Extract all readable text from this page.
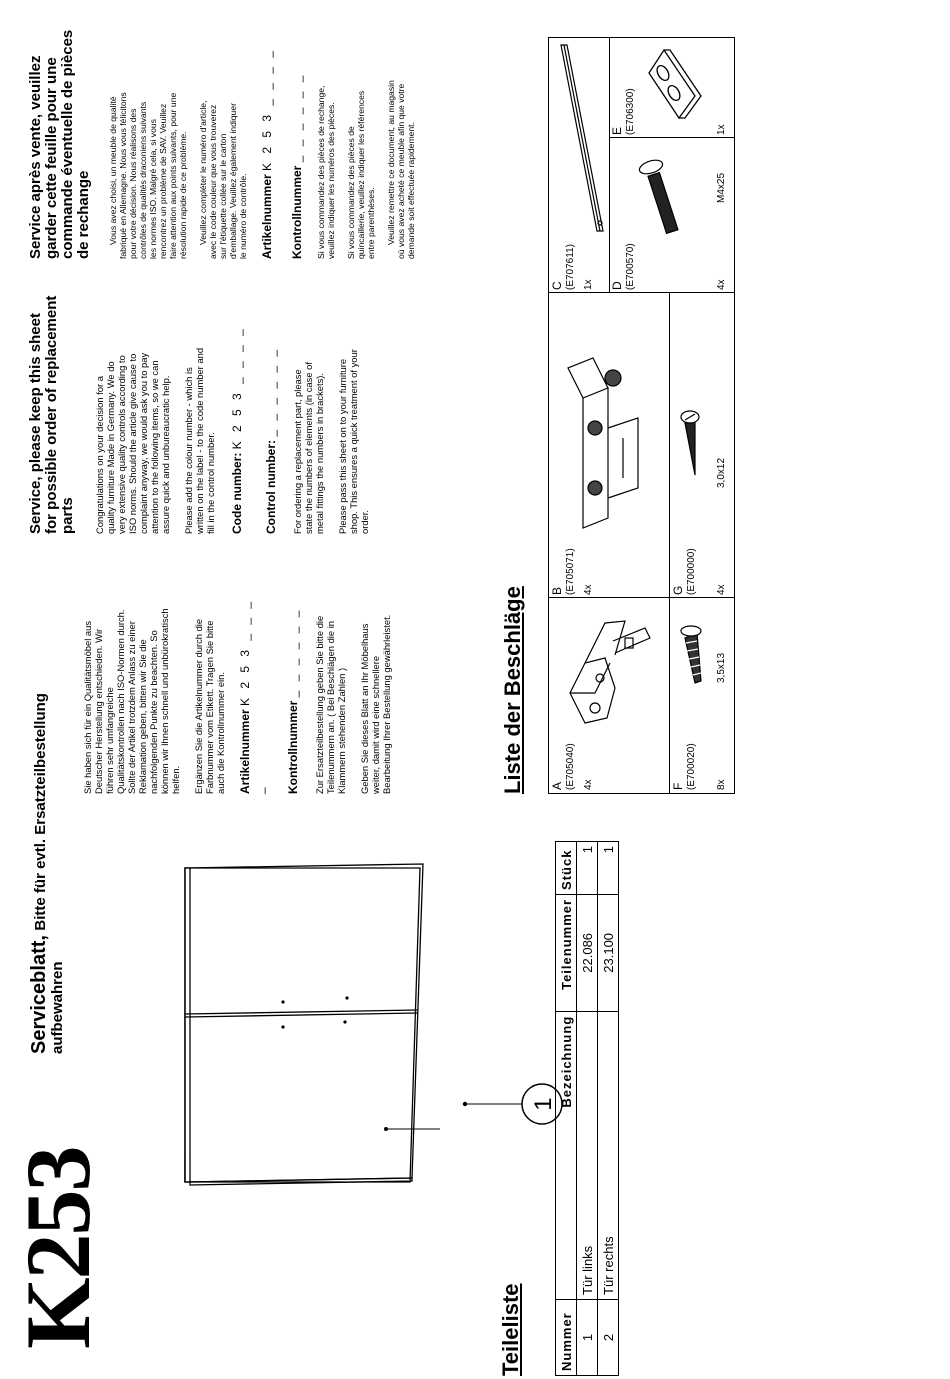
K253
Serviceblatt, Bitte für evtl. Ersatzteilbestellung
aufbewahren
Sie haben sich für ein Qualitätsmöbel aus
Deutscher Herstellung entschieden. Wir
führen sehr umfangreiche
Qualitätskontrollen nach ISO-Normen durch.
Sollte der Artikel trotzdem Anlass zu einer
Reklamation geben, bitten wir Sie die
nachfolgenden Punkte zu beachten. So
können wir Ihnen schnell und unbürokratisch
helfen. Ergänzen Sie die Artikelnummer durch die
Farbnummer vom Etikett. Tragen Sie bitte
auch die Kontrollnummer ein.
Artikelnummer K 2 5 3 _ _ _ _ Kontrollnummer _ _ _ _ _ _
Zur Ersatzteilbestellung geben Sie bitte die
Teilenummern an. ( Bei Beschlägen die in
Klammern stehenden Zahlen )
Geben Sie dieses Blatt an Ihr Möbelhaus
weiter, damit wird eine schnellere
Bearbeitung Ihrer Bestellung gewährleistet.
Service, please keep this sheet
for possible order of replacement
parts Congratulations on your decision for a
quality furniture Made in Germany. We do
very extensive quality controls according to
ISO norms. Should the article give cause to
complaint anyway, we would ask you to pay
attention to the following items, so we can
assure quick and unbureaucratic help.
Please add the colour number - which is
written on the label - to the code number and
fill in the control number.
Code number: K 2 5 3 _ _ _ _
Control number: _ _ _ _ _ _
For ordering a replacement part, please
state the numbers of elements (in case of
metal fittings the numbers in brackets).
Please pass this sheet on to your furniture
shop. This ensures a quick treatment of your
order.
Service après vente, veuillez
garder cette feuille pour une
commande éventuelle de pièces
de rechange Vous avez choisi, un meuble de qualité
fabriqué en Allemagne. Nous vous félicitons
pour votre décision. Nous réalisons des
contrôles de qualités draconiens suivants
les normes ISO. Malgré cela, si vous
rencontrez un problème de SAV. Veuillez
faire attention aux points suivants, pour une
résolution rapide de ce problème.
Veuillez compléter le numéro d'article,
avec le code couleur que vous trouverez
sur l'étiquette collée sur le carton
d'emballage. Veuillez également indiquer
le numéro de contrôle. Artikelnummer K 2 5 3 _ _ _ _
Kontrollnummer _ _ _ _ _ _
Si vous commandez des pièces de rechange,
veuillez indiquer les numéros des pièces.
Si vous commandez des pièces de
quincaillerie, veuillez indiquer les références
entre parenthèses. Veuillez remettre ce document, au magasin
où vous avez acheté ce meuble afin que votre
demande soit effectuée rapidement.
1
Teileliste	Nummer	Bezeichnung	Teilenummer	Stück
1	Tür links	22.086	1
2	Tür rechts	23.100	1
Liste der Beschläge A (E705040) 4x
B (E705071) 4x
C (E707611) 1x D (E700570)	4x
M4x25
E (E706300)	1x
F (E700020) 8x
3,5x13
G (E700000) 4x
3,0x12
